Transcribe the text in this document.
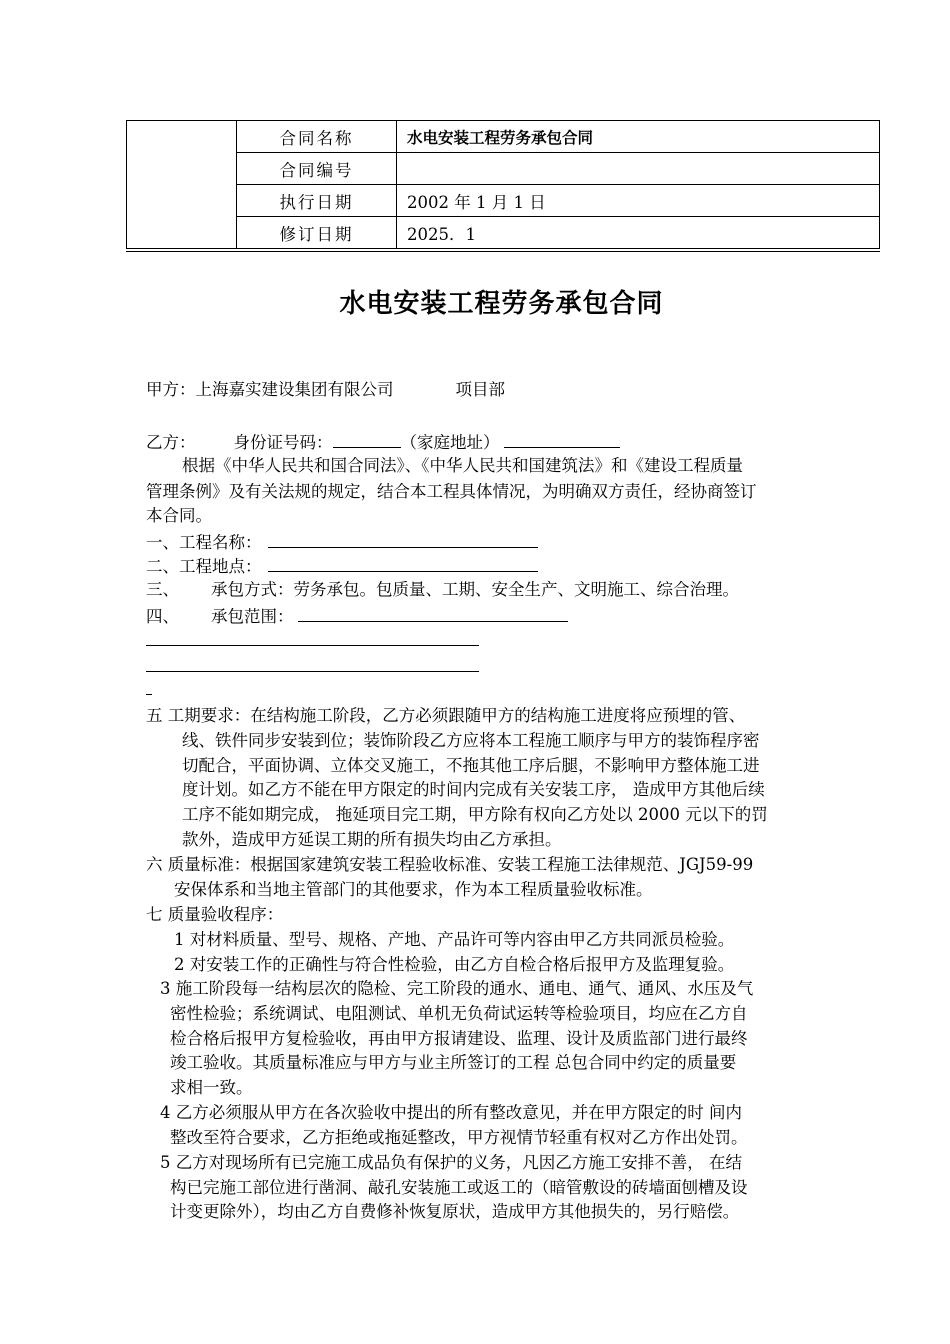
	合同名称	水电安装工程劳务承包合同
	合同编号	
	执行日期	2002 年 1 月 1 日
	修订日期	2025．1
水电安装工程劳务承包合同
甲方：上海嘉实建设集团有限公司	项目部
乙方： 身份证号码：	（家庭地址）
根据《中华人民共和国合同法》、《中华人民共和国建筑法》和《建设工程质量
管理条例》及有关法规的规定，结合本工程具体情况，为明确双方责任，经协商签订
本合同。
一、工程名称：
二、工程地点：
三、 承包方式：劳务承包。包质量、工期、安全生产、文明施工、综合治理。
四、 承包范围：
五 工期要求：在结构施工阶段，乙方必须跟随甲方的结构施工进度将应预埋的管、
线、铁件同步安装到位；装饰阶段乙方应将本工程施工顺序与甲方的装饰程序密
切配合，平面协调、立体交叉施工，不拖其他工序后腿，不影响甲方整体施工进
度计划。如乙方不能在甲方限定的时间内完成有关安装工序， 造成甲方其他后续
工序不能如期完成， 拖延项目完工期，甲方除有权向乙方处以 2000 元以下的罚
款外，造成甲方延误工期的所有损失均由乙方承担。
六 质量标准：根据国家建筑安装工程验收标准、安装工程施工法律规范、JGJ59-99
安保体系和当地主管部门的其他要求，作为本工程质量验收标准。
七 质量验收程序：
1 对材料质量、型号、规格、产地、产品许可等内容由甲乙方共同派员检验。
2 对安装工作的正确性与符合性检验，由乙方自检合格后报甲方及监理复验。
3 施工阶段每一结构层次的隐检、完工阶段的通水、通电、通气、通风、水压及气
密性检验；系统调试、电阻测试、单机无负荷试运转等检验项目，均应在乙方自
检合格后报甲方复检验收，再由甲方报请建设、监理、设计及质监部门进行最终
竣工验收。其质量标准应与甲方与业主所签订的工程 总包合同中约定的质量要
求相一致。
4 乙方必须服从甲方在各次验收中提出的所有整改意见，并在甲方限定的时 间内
整改至符合要求，乙方拒绝或拖延整改，甲方视情节轻重有权对乙方作出处罚。
5 乙方对现场所有已完施工成品负有保护的义务，凡因乙方施工安排不善， 在结
构已完施工部位进行凿洞、敲孔安装施工或返工的（暗管敷设的砖墙面刨槽及设
计变更除外），均由乙方自费修补恢复原状，造成甲方其他损失的，另行赔偿。
